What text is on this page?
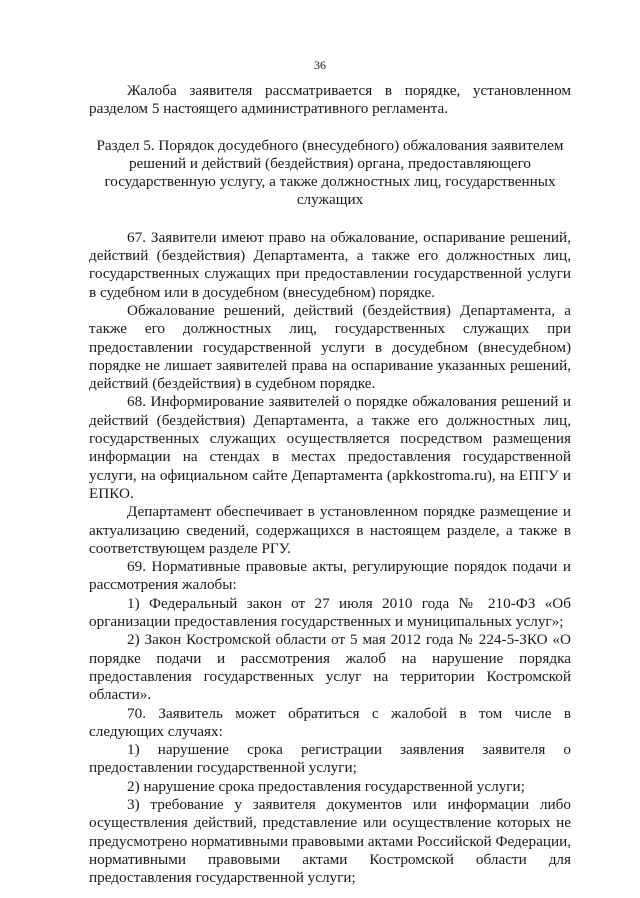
36

Жалоба заявителя рассматривается в порядке, установленном разделом 5 настоящего административного регламента.

Раздел 5. Порядок досудебного (внесудебного) обжалования заявителем решений и действий (бездействия) органа, предоставляющего государственную услугу, а также должностных лиц, государственных служащих

67. Заявители имеют право на обжалование, оспаривание решений, действий (бездействия) Департамента, а также его должностных лиц, государственных служащих при предоставлении государственной услуги в судебном или в досудебном (внесудебном) порядке.

Обжалование решений, действий (бездействия) Департамента, а также его должностных лиц, государственных служащих при предоставлении государственной услуги в досудебном (внесудебном) порядке не лишает заявителей права на оспаривание указанных решений, действий (бездействия) в судебном порядке.

68. Информирование заявителей о порядке обжалования решений и действий (бездействия) Департамента, а также его должностных лиц, государственных служащих осуществляется посредством размещения информации на стендах в местах предоставления государственной услуги, на официальном сайте Департамента (apkkostroma.ru), на ЕПГУ и ЕПКО.

Департамент обеспечивает в установленном порядке размещение и актуализацию сведений, содержащихся в настоящем разделе, а также в соответствующем разделе РГУ.

69. Нормативные правовые акты, регулирующие порядок подачи и рассмотрения жалобы:

1) Федеральный закон от 27 июля 2010 года № 210-ФЗ «Об организации предоставления государственных и муниципальных услуг»;

2) Закон Костромской области от 5 мая 2012 года № 224-5-ЗКО «О порядке подачи и рассмотрения жалоб на нарушение порядка предоставления государственных услуг на территории Костромской области».

70. Заявитель может обратиться с жалобой в том числе в следующих случаях:

1) нарушение срока регистрации заявления заявителя о предоставлении государственной услуги;

2) нарушение срока предоставления государственной услуги;

3) требование у заявителя документов или информации либо осуществления действий, представление или осуществление которых не предусмотрено нормативными правовыми актами Российской Федерации, нормативными правовыми актами Костромской области для предоставления государственной услуги;
